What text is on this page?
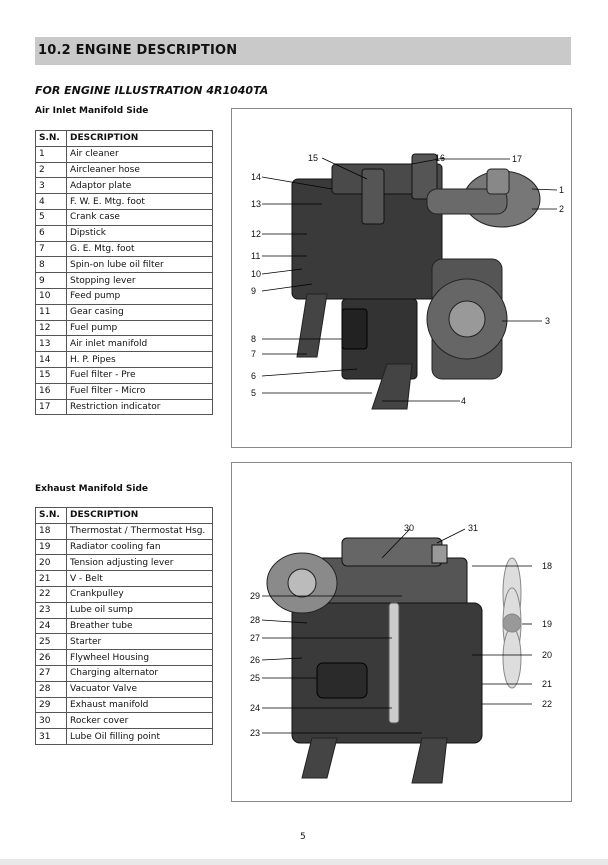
10.2 ENGINE DESCRIPTION
FOR ENGINE ILLUSTRATION 4R1040TA
Air Inlet Manifold Side
S.N.	DESCRIPTION
1	Air cleaner
2	Aircleaner hose
3	Adaptor plate
4	F. W. E. Mtg. foot
5	Crank case
6	Dipstick
7	G. E. Mtg. foot
8	Spin-on lube oil filter
9	Stopping lever
10	Feed pump
11	Gear casing
12	Fuel pump
13	Air inlet manifold
14	H. P. Pipes
15	Fuel filter - Pre
16	Fuel filter - Micro
17	Restriction indicator
15	16	17
14
1
13	2
12
11
10
9
3
8
7
6
5
4
Exhaust Manifold Side
S.N.	DESCRIPTION
18	Thermostat / Thermostat Hsg.
19	Radiator cooling fan
20	Tension adjusting lever
21	V - Belt
22	Crankpulley
23	Lube oil sump
24	Breather tube
25	Starter
26	Flywheel Housing
27	Charging alternator
28	Vacuator Valve
29	Exhaust manifold
30	Rocker cover
31	Lube Oil filling point
30	31
18
29
28	19
27
26	20
25
21
24	22
23
5
